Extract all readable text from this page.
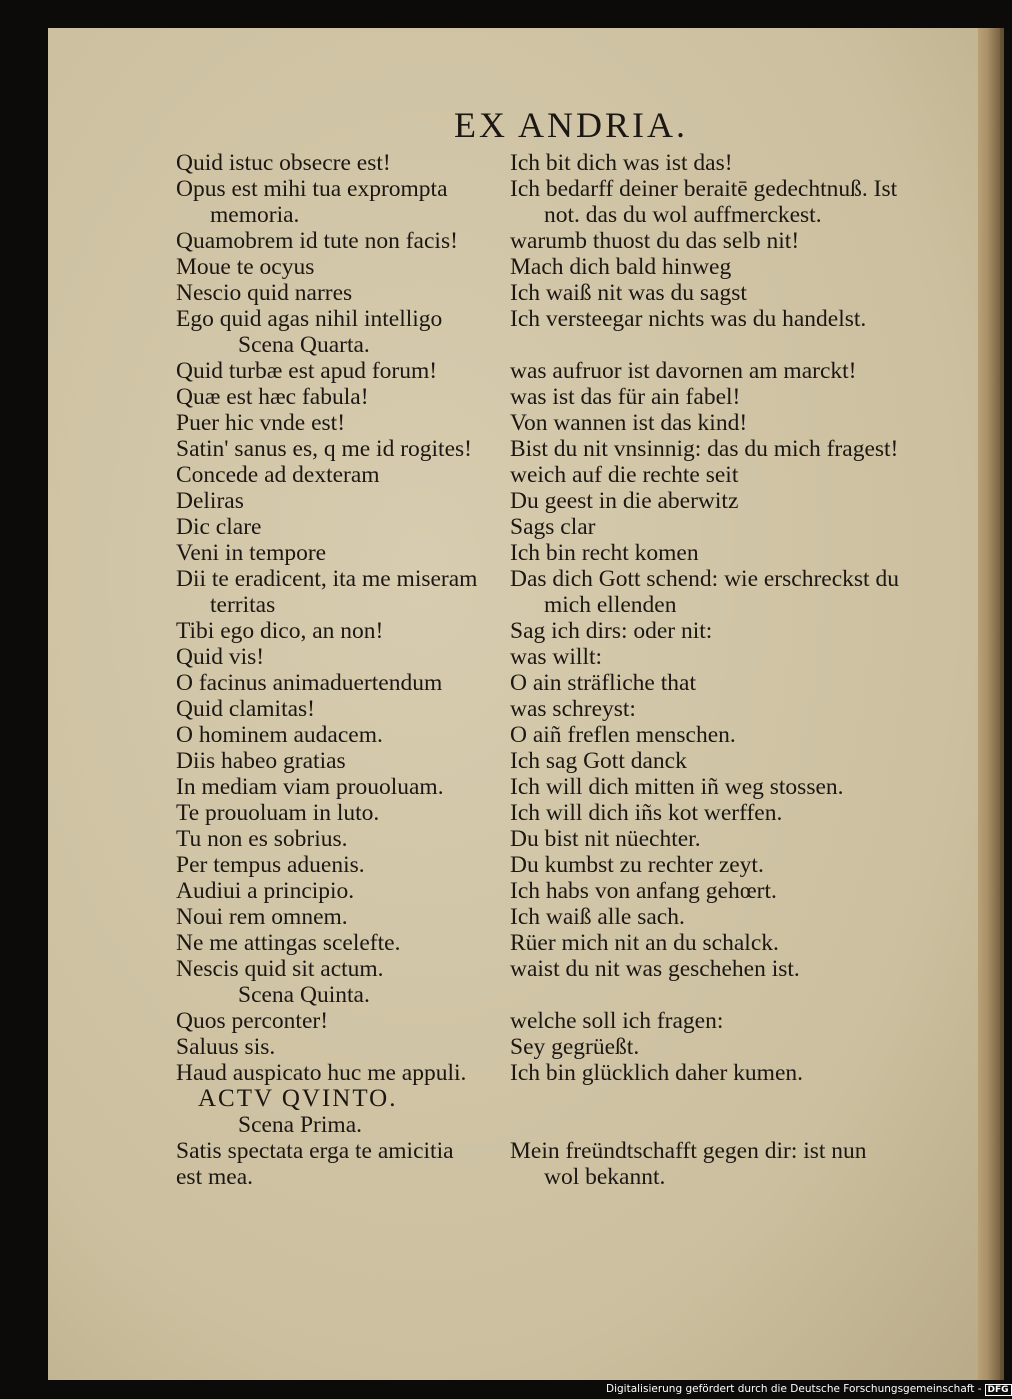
EX ANDRIA.
Quid istuc obsecre est!
Opus est mihi tua exprompta
memoria.
Quamobrem id tute non facis!
Moue te ocyus
Nescio quid narres
Ego quid agas nihil intelligo
Scena Quarta.
Quid turbæ est apud forum!
Quæ est hæc fabula!
Puer hic vnde est!
Satin' sanus es, q me id rogites!
Concede ad dexteram
Deliras
Dic clare
Veni in tempore
Dii te eradicent, ita me miseram
territas
Tibi ego dico, an non!
Quid vis!
O facinus animaduertendum
Quid clamitas!
O hominem audacem.
Diis habeo gratias
In mediam viam prouoluam.
Te prouoluam in luto.
Tu non es sobrius.
Per tempus aduenis.
Audiui a principio.
Noui rem omnem.
Ne me attingas scelefte.
Nescis quid sit actum.
Scena Quinta.
Quos perconter!
Saluus sis.
Haud auspicato huc me appuli.
ACTV QVINTO.
Scena Prima.
Satis spectata erga te amicitia
est mea.
Ich bit dich was ist das!
Ich bedarff deiner beraitē gedechtnuß. Ist
not. das du wol auffmerckest.
warumb thuost du das selb nit!
Mach dich bald hinweg
Ich waiß nit was du sagst
Ich versteegar nichts was du handelst.
was aufruor ist davornen am marckt!
was ist das für ain fabel!
Von wannen ist das kind!
Bist du nit vnsinnig: das du mich fragest!
weich auf die rechte seit
Du geest in die aberwitz
Sags clar
Ich bin recht komen
Das dich Gott schend: wie erschreckst du
mich ellenden
Sag ich dirs: oder nit:
was willt:
O ain sträfliche that
was schreyst:
O aiñ freflen menschen.
Ich sag Gott danck
Ich will dich mitten iñ weg stossen.
Ich will dich iñs kot werffen.
Du bist nit nüechter.
Du kumbst zu rechter zeyt.
Ich habs von anfang gehœrt.
Ich waiß alle sach.
Rüer mich nit an du schalck.
waist du nit was geschehen ist.
welche soll ich fragen:
Sey gegrüeßt.
Ich bin glücklich daher kumen.
Mein freündtschafft gegen dir: ist nun
wol bekannt.
Digitalisierung gefördert durch die Deutsche Forschungsgemeinschaft - DFG
